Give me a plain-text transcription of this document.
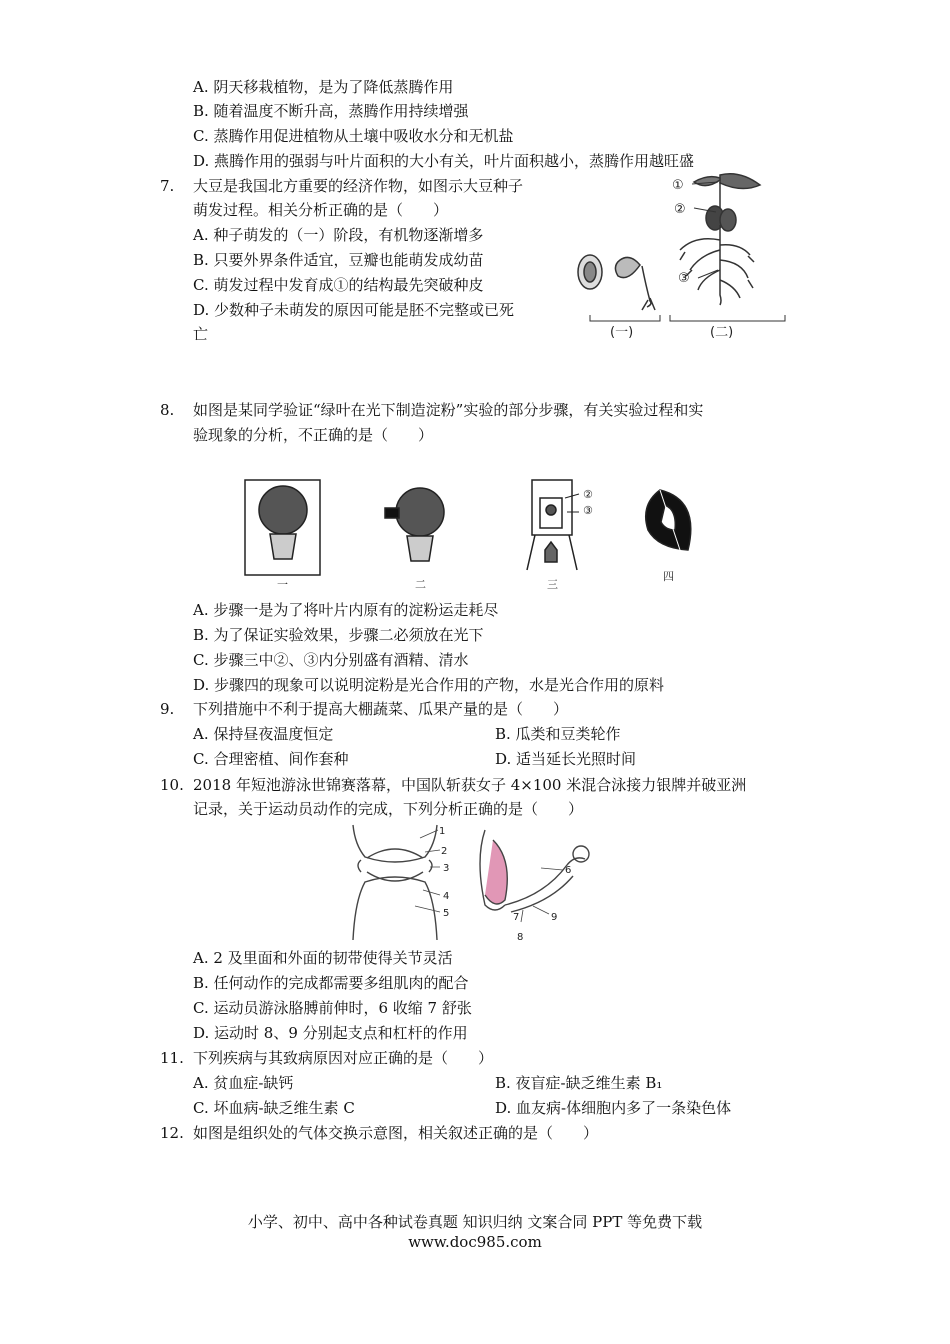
A. 阴天移栽植物，是为了降低蒸腾作用
B. 随着温度不断升高，蒸腾作用持续增强
C. 蒸腾作用促进植物从土壤中吸收水分和无机盐
D. 燕腾作用的强弱与叶片面积的大小有关，叶片面积越小，蒸腾作用越旺盛
7. 大豆是我国北方重要的经济作物，如图示大豆种子
萌发过程。相关分析正确的是（　　）
A. 种子萌发的（一）阶段，有机物逐渐增多
B. 只要外界条件适宜，豆瓣也能萌发成幼苗
C. 萌发过程中发育成①的结构最先突破种皮
D. 少数种子未萌发的原因可能是胚不完整或已死
亡
①
②
③
(一)	(二)
8. 如图是某同学验证“绿叶在光下制造淀粉”实验的部分步骤，有关实验过程和实
验现象的分析，不正确的是（　　）
②
③
一	二	三
四
A. 步骤一是为了将叶片内原有的淀粉运走耗尽
B. 为了保证实验效果，步骤二必须放在光下
C. 步骤三中②、③内分别盛有酒精、清水
D. 步骤四的现象可以说明淀粉是光合作用的产物，水是光合作用的原料
9. 下列措施中不利于提高大棚蔬菜、瓜果产量的是（　　）
A. 保持昼夜温度恒定	B. 瓜类和豆类轮作
C. 合理密植、间作套种	D. 适当延长光照时间
10. 2018 年短池游泳世锦赛落幕，中国队斩获女子 4×100 米混合泳接力银牌并破亚洲
记录，关于运动员动作的完成，下列分析正确的是（　　）
1
2
3
4
5
6
7
8
9
A. 2 及里面和外面的韧带使得关节灵活
B. 任何动作的完成都需要多组肌肉的配合
C. 运动员游泳胳膊前伸时，6 收缩 7 舒张
D. 运动时 8、9 分别起支点和杠杆的作用
11. 下列疾病与其致病原因对应正确的是（　　）
A. 贫血症-缺钙	B. 夜盲症-缺乏维生素 B₁
C. 坏血病-缺乏维生素 C	D. 血友病-体细胞内多了一条染色体
12. 如图是组织处的气体交换示意图，相关叙述正确的是（　　）
小学、初中、高中各种试卷真题 知识归纳 文案合同 PPT 等免费下载
www.doc985.com
